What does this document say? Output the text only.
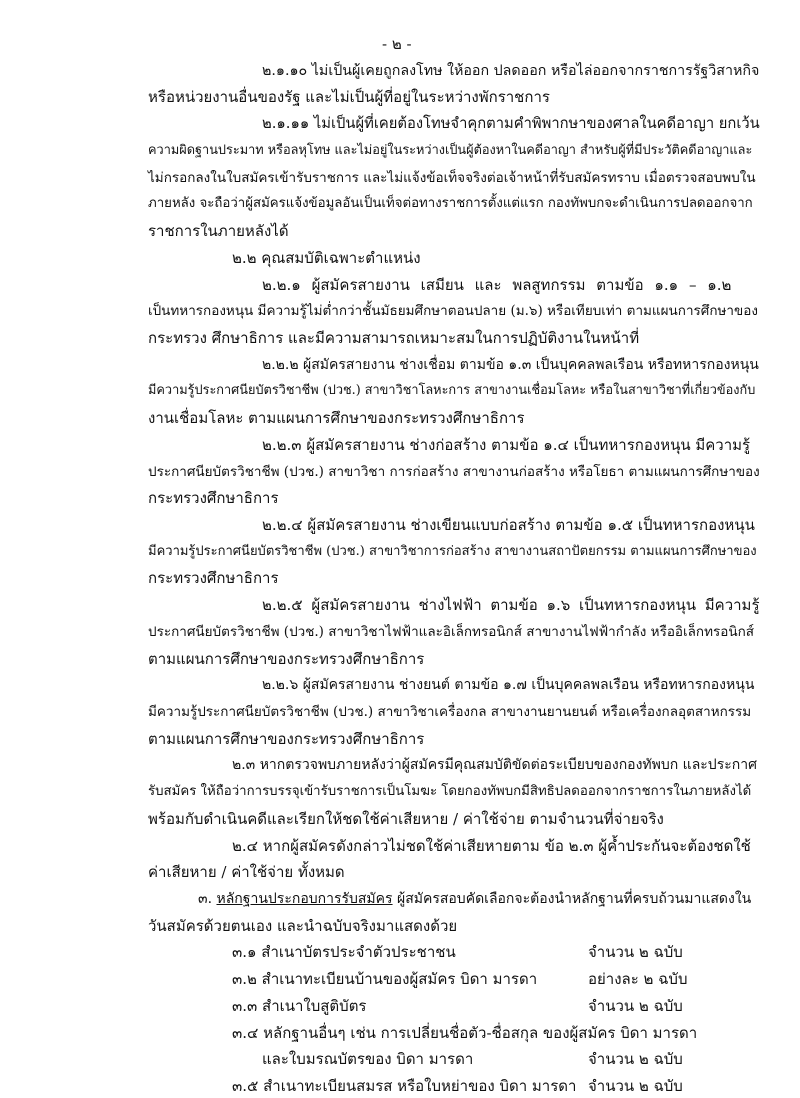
- ๒ -
๒.๑.๑๐ ไม่เป็นผู้เคยถูกลงโทษ ให้ออก ปลดออก หรือไล่ออกจากราชการรัฐวิสาหกิจ
หรือหน่วยงานอื่นของรัฐ และไม่เป็นผู้ที่อยู่ในระหว่างพักราชการ
๒.๑.๑๑ ไม่เป็นผู้ที่เคยต้องโทษจำคุกตามคำพิพากษาของศาลในคดีอาญา ยกเว้น
ความผิดฐานประมาท หรือลหุโทษ และไม่อยู่ในระหว่างเป็นผู้ต้องหาในคดีอาญา สำหรับผู้ที่มีประวัติคดีอาญาและ
ไม่กรอกลงในใบสมัครเข้ารับราชการ และไม่แจ้งข้อเท็จจริงต่อเจ้าหน้าที่รับสมัครทราบ เมื่อตรวจสอบพบใน
ภายหลัง จะถือว่าผู้สมัครแจ้งข้อมูลอันเป็นเท็จต่อทางราชการตั้งแต่แรก กองทัพบกจะดำเนินการปลดออกจาก
ราชการในภายหลังได้
๒.๒ คุณสมบัติเฉพาะตำแหน่ง
๒.๒.๑ ผู้สมัครสายงาน เสมียน และ พลสูทกรรม ตามข้อ ๑.๑ – ๑.๒
เป็นทหารกองหนุน มีความรู้ไม่ต่ำกว่าชั้นมัธยมศึกษาตอนปลาย (ม.๖) หรือเทียบเท่า ตามแผนการศึกษาของ
กระทรวง ศึกษาธิการ และมีความสามารถเหมาะสมในการปฏิบัติงานในหน้าที่
๒.๒.๒ ผู้สมัครสายงาน ช่างเชื่อม ตามข้อ ๑.๓ เป็นบุคคลพลเรือน หรือทหารกองหนุน
มีความรู้ประกาศนียบัตรวิชาชีพ (ปวช.) สาขาวิชาโลหะการ สาขางานเชื่อมโลหะ หรือในสาขาวิชาที่เกี่ยวข้องกับ
งานเชื่อมโลหะ ตามแผนการศึกษาของกระทรวงศึกษาธิการ
๒.๒.๓ ผู้สมัครสายงาน ช่างก่อสร้าง ตามข้อ ๑.๔ เป็นทหารกองหนุน มีความรู้
ประกาศนียบัตรวิชาชีพ (ปวช.) สาขาวิชา การก่อสร้าง สาขางานก่อสร้าง หรือโยธา ตามแผนการศึกษาของ
กระทรวงศึกษาธิการ
๒.๒.๔ ผู้สมัครสายงาน ช่างเขียนแบบก่อสร้าง ตามข้อ ๑.๕ เป็นทหารกองหนุน
มีความรู้ประกาศนียบัตรวิชาชีพ (ปวช.) สาขาวิชาการก่อสร้าง สาขางานสถาปัตยกรรม ตามแผนการศึกษาของ
กระทรวงศึกษาธิการ
๒.๒.๕ ผู้สมัครสายงาน ช่างไฟฟ้า ตามข้อ ๑.๖ เป็นทหารกองหนุน มีความรู้
ประกาศนียบัตรวิชาชีพ (ปวช.) สาขาวิชาไฟฟ้าและอิเล็กทรอนิกส์ สาขางานไฟฟ้ากำลัง หรืออิเล็กทรอนิกส์
ตามแผนการศึกษาของกระทรวงศึกษาธิการ
๒.๒.๖ ผู้สมัครสายงาน ช่างยนต์ ตามข้อ ๑.๗ เป็นบุคคลพลเรือน หรือทหารกองหนุน
มีความรู้ประกาศนียบัตรวิชาชีพ (ปวช.) สาขาวิชาเครื่องกล สาขางานยานยนต์ หรือเครื่องกลอุตสาหกรรม
ตามแผนการศึกษาของกระทรวงศึกษาธิการ
๒.๓ หากตรวจพบภายหลังว่าผู้สมัครมีคุณสมบัติขัดต่อระเบียบของกองทัพบก และประกาศ
รับสมัคร ให้ถือว่าการบรรจุเข้ารับราชการเป็นโมฆะ โดยกองทัพบกมีสิทธิปลดออกจากราชการในภายหลังได้
พร้อมกับดำเนินคดีและเรียกให้ชดใช้ค่าเสียหาย / ค่าใช้จ่าย ตามจำนวนที่จ่ายจริง
๒.๔ หากผู้สมัครดังกล่าวไม่ชดใช้ค่าเสียหายตาม ข้อ ๒.๓ ผู้ค้ำประกันจะต้องชดใช้
ค่าเสียหาย / ค่าใช้จ่าย ทั้งหมด
๓. หลักฐานประกอบการรับสมัคร ผู้สมัครสอบคัดเลือกจะต้องนำหลักฐานที่ครบถ้วนมาแสดงใน
วันสมัครด้วยตนเอง และนำฉบับจริงมาแสดงด้วย
๓.๑ สำเนาบัตรประจำตัวประชาชน	จำนวน ๒ ฉบับ
๓.๒ สำเนาทะเบียนบ้านของผู้สมัคร บิดา มารดา	อย่างละ ๒ ฉบับ
๓.๓ สำเนาใบสูติบัตร	จำนวน ๒ ฉบับ
๓.๔ หลักฐานอื่นๆ เช่น การเปลี่ยนชื่อตัว-ชื่อสกุล ของผู้สมัคร บิดา มารดา
และใบมรณบัตรของ บิดา มารดา	จำนวน ๒ ฉบับ
๓.๕ สำเนาทะเบียนสมรส หรือใบหย่าของ บิดา มารดา จำนวน ๒ ฉบับ
